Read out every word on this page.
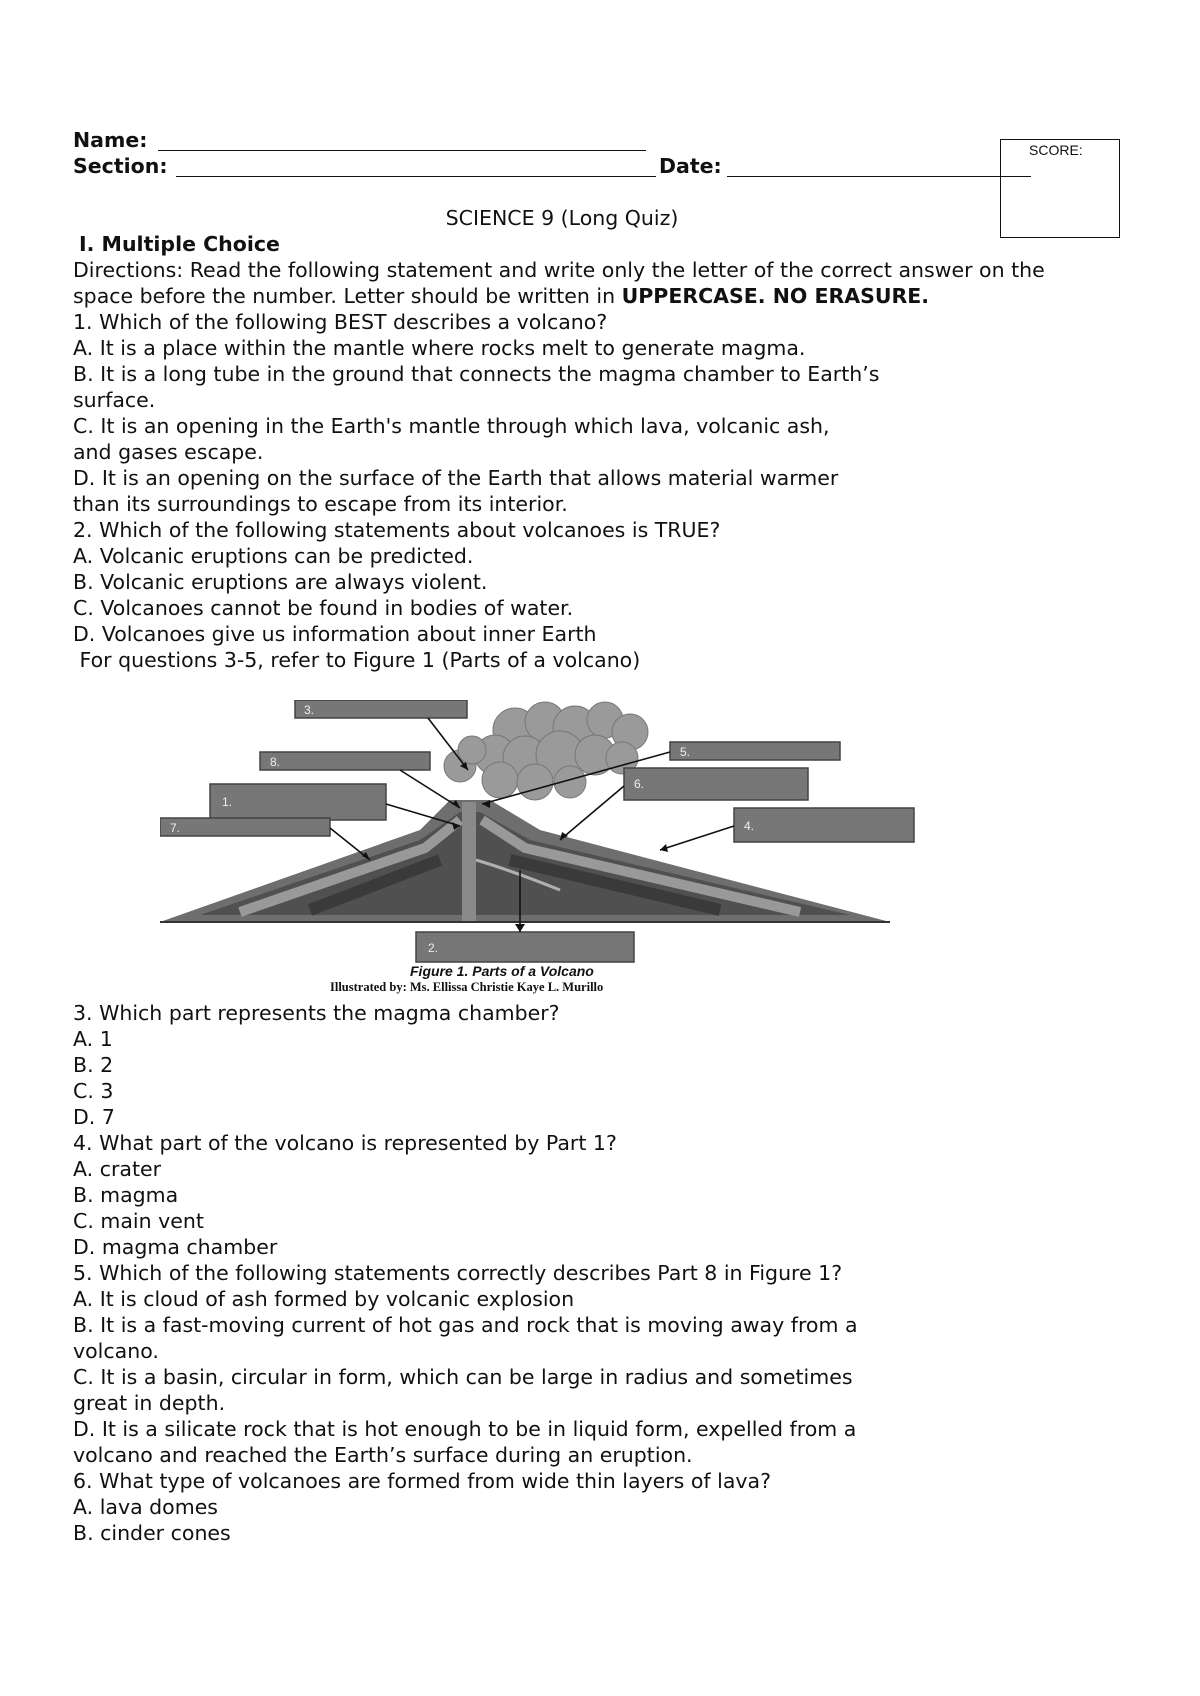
Name:
Section:	Date:
SCORE:
SCIENCE 9 (Long Quiz)
I. Multiple Choice
Directions: Read the following statement and write only the letter of the correct answer on the
space before the number. Letter should be written in UPPERCASE. NO ERASURE.
1. Which of the following BEST describes a volcano?
A. It is a place within the mantle where rocks melt to generate magma.
B. It is a long tube in the ground that connects the magma chamber to Earth’s
surface.
C. It is an opening in the Earth's mantle through which lava, volcanic ash,
and gases escape.
D. It is an opening on the surface of the Earth that allows material warmer
than its surroundings to escape from its interior.
2. Which of the following statements about volcanoes is TRUE?
A. Volcanic eruptions can be predicted.
B. Volcanic eruptions are always violent.
C. Volcanoes cannot be found in bodies of water.
D. Volcanoes give us information about inner Earth
For questions 3-5, refer to Figure 1 (Parts of a volcano)
3.
8.
5.
6.
1.
4.
7.
2.
Figure 1. Parts of a Volcano
Illustrated by: Ms. Ellissa Christie Kaye L. Murillo
3. Which part represents the magma chamber?
A. 1
B. 2
C. 3
D. 7
4. What part of the volcano is represented by Part 1?
A. crater
B. magma
C. main vent
D. magma chamber
5. Which of the following statements correctly describes Part 8 in Figure 1?
A. It is cloud of ash formed by volcanic explosion
B. It is a fast-moving current of hot gas and rock that is moving away from a
volcano.
C. It is a basin, circular in form, which can be large in radius and sometimes
great in depth.
D. It is a silicate rock that is hot enough to be in liquid form, expelled from a
volcano and reached the Earth’s surface during an eruption.
6. What type of volcanoes are formed from wide thin layers of lava?
A. lava domes
B. cinder cones
